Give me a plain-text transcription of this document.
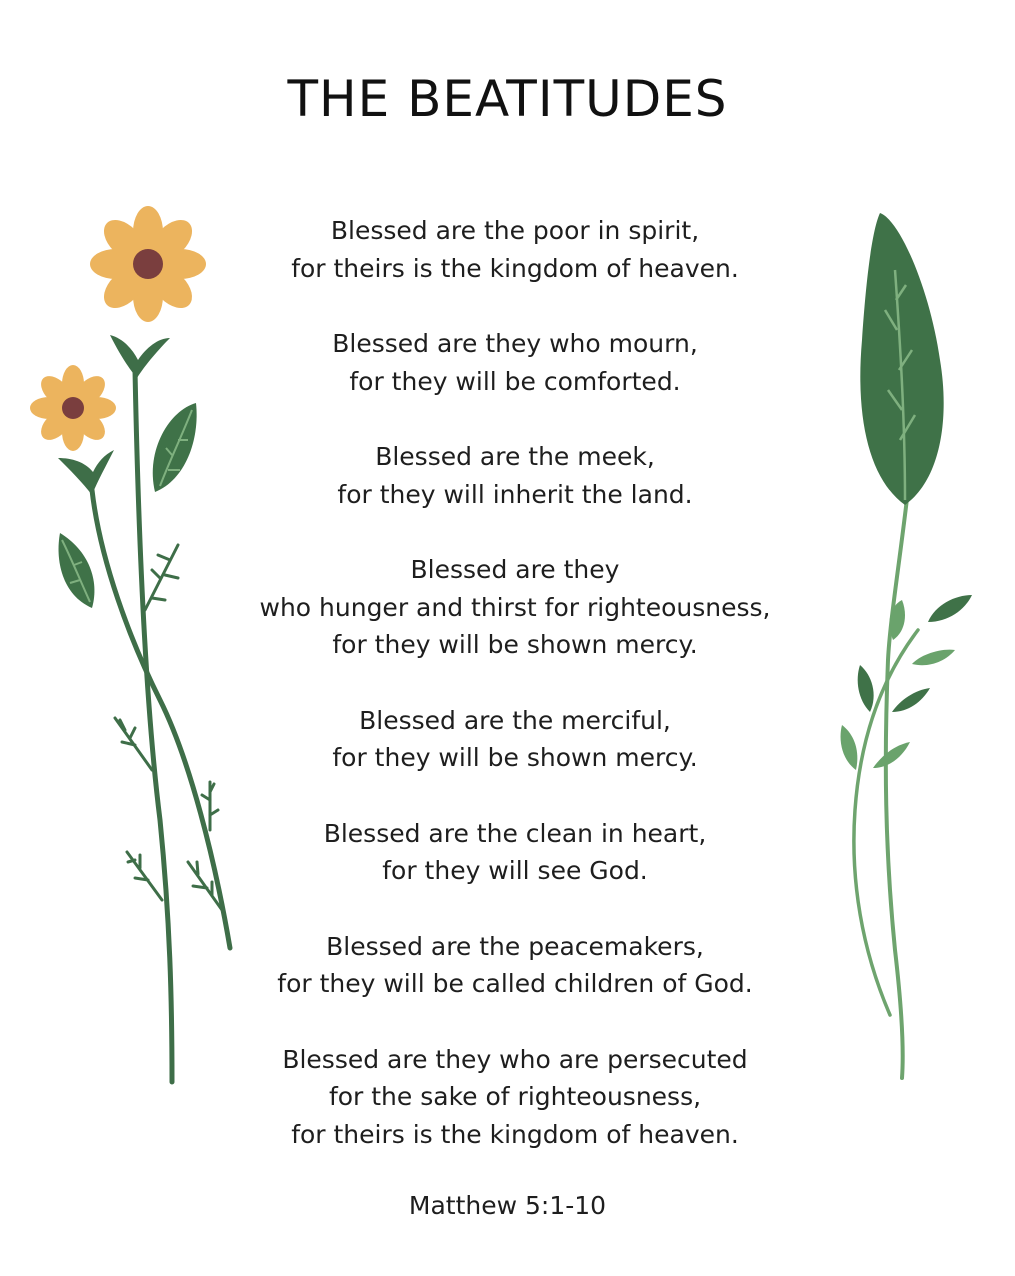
THE BEATITUDES

Blessed are the poor in spirit,
for theirs is the kingdom of heaven.

Blessed are they who mourn,
for they will be comforted.

Blessed are the meek,
for they will inherit the land.

Blessed are they
who hunger and thirst for righteousness,
for they will be shown mercy.

Blessed are the merciful,
for they will be shown mercy.

Blessed are the clean in heart,
for they will see God.

Blessed are the peacemakers,
for they will be called children of God.

Blessed are they who are persecuted
for the sake of righteousness,
for theirs is the kingdom of heaven.

Matthew 5:1-10
